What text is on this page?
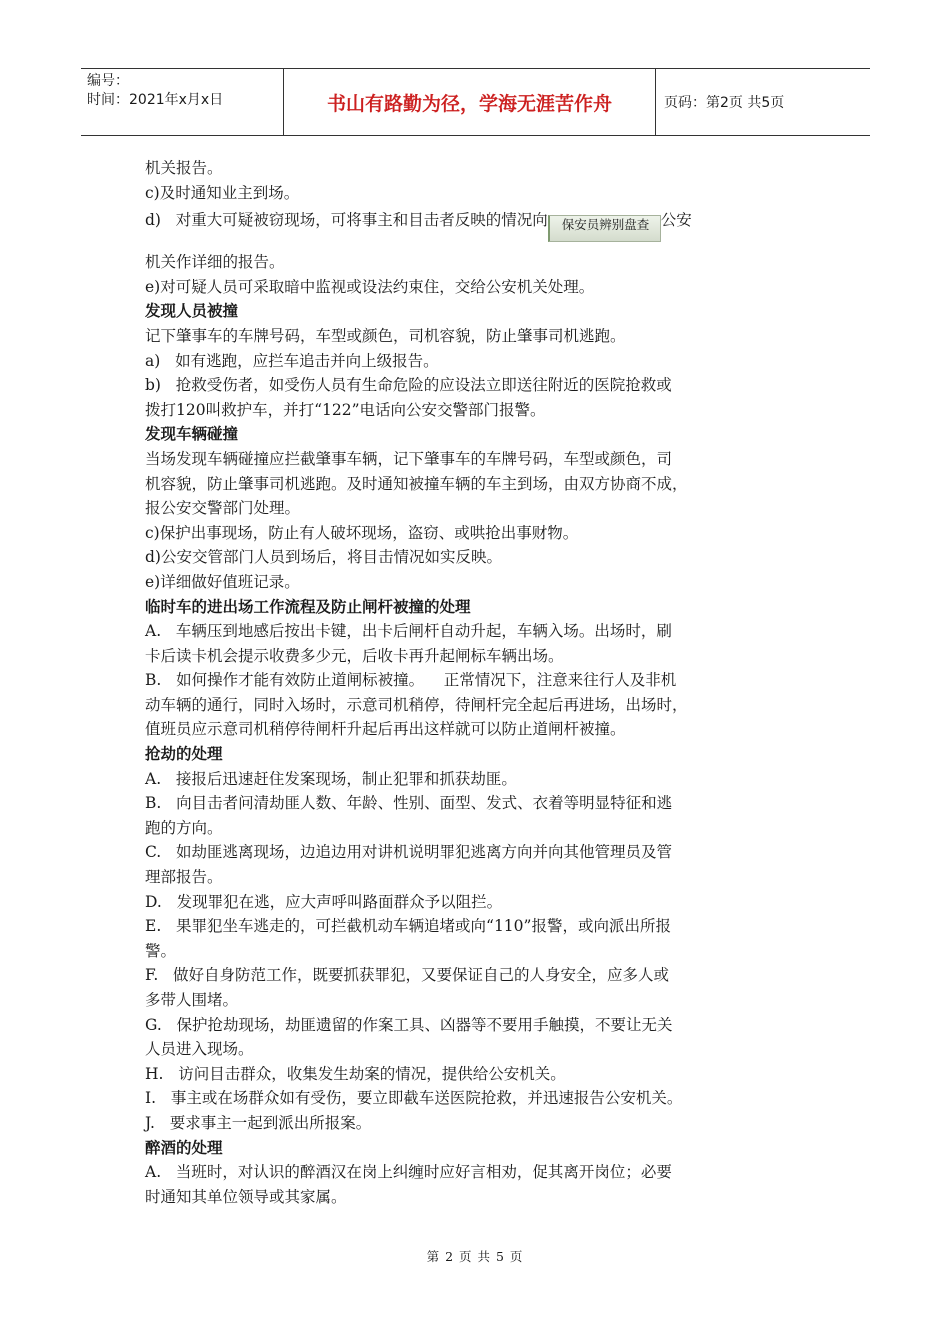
编号：
时间：2021年x月x日	书山有路勤为径，学海无涯苦作舟	页码：第2页 共5页
机关报告。
c)及时通知业主到场。
d)   对重大可疑被窃现场，可将事主和目击者反映的情况向 保安员辨别盘查 公安
机关作详细的报告。
e)对可疑人员可采取暗中监视或设法约束住，交给公安机关处理。
发现人员被撞
记下肇事车的车牌号码，车型或颜色，司机容貌，防止肇事司机逃跑。
a)   如有逃跑，应拦车追击并向上级报告。
b)   抢救受伤者，如受伤人员有生命危险的应设法立即送往附近的医院抢救或
拨打120叫救护车，并打“122”电话向公安交警部门报警。
发现车辆碰撞
当场发现车辆碰撞应拦截肇事车辆，记下肇事车的车牌号码，车型或颜色，司
机容貌，防止肇事司机逃跑。及时通知被撞车辆的车主到场，由双方协商不成，
报公安交警部门处理。
c)保护出事现场，防止有人破坏现场，盗窃、或哄抢出事财物。
d)公安交管部门人员到场后，将目击情况如实反映。
e)详细做好值班记录。
临时车的进出场工作流程及防止闸杆被撞的处理
A.   车辆压到地感后按出卡键，出卡后闸杆自动升起，车辆入场。出场时，刷
卡后读卡机会提示收费多少元，后收卡再升起闸标车辆出场。
B.   如何操作才能有效防止道闸标被撞。    正常情况下，注意来往行人及非机
动车辆的通行，同时入场时，示意司机稍停，待闸杆完全起后再进场，出场时，
值班员应示意司机稍停待闸杆升起后再出这样就可以防止道闸杆被撞。
抢劫的处理
A.   接报后迅速赶住发案现场，制止犯罪和抓获劫匪。
B.   向目击者问清劫匪人数、年龄、性别、面型、发式、衣着等明显特征和逃
跑的方向。
C.   如劫匪逃离现场，边追边用对讲机说明罪犯逃离方向并向其他管理员及管
理部报告。
D.   发现罪犯在逃，应大声呼叫路面群众予以阻拦。
E.   果罪犯坐车逃走的，可拦截机动车辆追堵或向“110”报警，或向派出所报
警。
F.   做好自身防范工作，既要抓获罪犯，又要保证自己的人身安全，应多人或
多带人围堵。
G.   保护抢劫现场，劫匪遗留的作案工具、凶器等不要用手触摸，不要让无关
人员进入现场。
H.   访问目击群众，收集发生劫案的情况，提供给公安机关。
I.   事主或在场群众如有受伤，要立即截车送医院抢救，并迅速报告公安机关。
J.   要求事主一起到派出所报案。
醉酒的处理
A.   当班时，对认识的醉酒汉在岗上纠缠时应好言相劝，促其离开岗位；必要
时通知其单位领导或其家属。
第 2 页 共 5 页
